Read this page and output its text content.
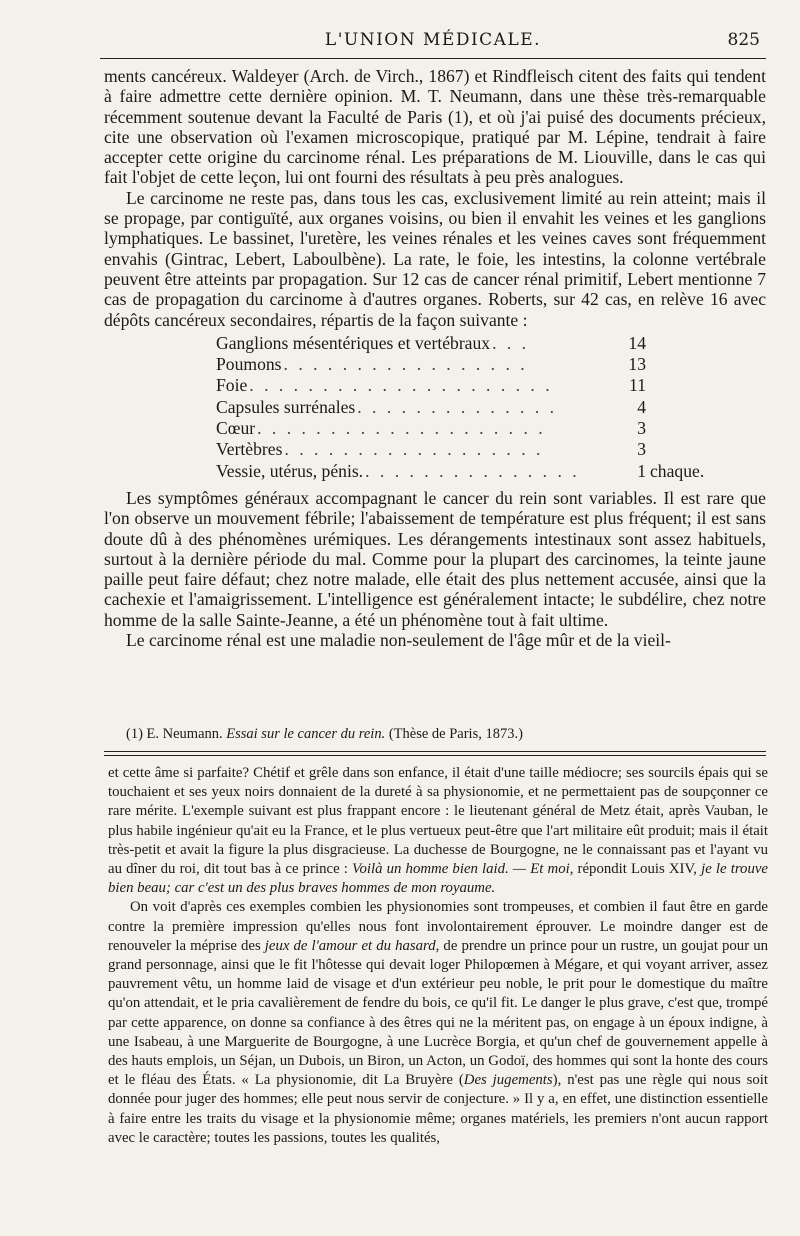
L'UNION MÉDICALE.	825

ments cancéreux. Waldeyer (Arch. de Virch., 1867) et Rindfleisch citent des faits qui tendent à faire admettre cette dernière opinion. M. T. Neumann, dans une thèse très-remarquable récemment soutenue devant la Faculté de Paris (1), et où j'ai puisé des documents précieux, cite une observation où l'examen microscopique, pratiqué par M. Lépine, tendrait à faire accepter cette origine du carcinome rénal. Les préparations de M. Liouville, dans le cas qui fait l'objet de cette leçon, lui ont fourni des résultats à peu près analogues.

Le carcinome ne reste pas, dans tous les cas, exclusivement limité au rein atteint; mais il se propage, par contiguïté, aux organes voisins, ou bien il envahit les veines et les ganglions lymphatiques. Le bassinet, l'uretère, les veines rénales et les veines caves sont fréquemment envahis (Gintrac, Lebert, Laboulbène). La rate, le foie, les intestins, la colonne vertébrale peuvent être atteints par propagation. Sur 12 cas de cancer rénal primitif, Lebert mentionne 7 cas de propagation du carcinome à d'autres organes. Roberts, sur 42 cas, en relève 16 avec dépôts cancéreux secondaires, répartis de la façon suivante :

Ganglions mésentériques et vertébraux . . .	14
Poumons . . . . . . . . . . . . . . . . .	13
Foie . . . . . . . . . . . . . . . . . . . . .	11
Capsules surrénales . . . . . . . . . . . . . .	4
Cœur . . . . . . . . . . . . . . . . . . . .	3
Vertèbres . . . . . . . . . . . . . . . . . .	3
Vessie, utérus, pénis. . . . . . . . . . . . . . . .	1 chaque.

Les symptômes généraux accompagnant le cancer du rein sont variables. Il est rare que l'on observe un mouvement fébrile; l'abaissement de température est plus fréquent; il est sans doute dû à des phénomènes urémiques. Les dérangements intestinaux sont assez habituels, surtout à la dernière période du mal. Comme pour la plupart des carcinomes, la teinte jaune paille peut faire défaut; chez notre malade, elle était des plus nettement accusée, ainsi que la cachexie et l'amaigrissement. L'intelligence est généralement intacte; le subdélire, chez notre homme de la salle Sainte-Jeanne, a été un phénomène tout à fait ultime.

Le carcinome rénal est une maladie non-seulement de l'âge mûr et de la vieil-

(1) E. Neumann. Essai sur le cancer du rein. (Thèse de Paris, 1873.)

et cette âme si parfaite? Chétif et grêle dans son enfance, il était d'une taille médiocre; ses sourcils épais qui se touchaient et ses yeux noirs donnaient de la dureté à sa physionomie, et ne permettaient pas de soupçonner ce rare mérite. L'exemple suivant est plus frappant encore : le lieutenant général de Metz était, après Vauban, le plus habile ingénieur qu'ait eu la France, et le plus vertueux peut-être que l'art militaire eût produit; mais il était très-petit et avait la figure la plus disgracieuse. La duchesse de Bourgogne, ne le connaissant pas et l'ayant vu au dîner du roi, dit tout bas à ce prince : Voilà un homme bien laid. — Et moi, répondit Louis XIV, je le trouve bien beau; car c'est un des plus braves hommes de mon royaume.

On voit d'après ces exemples combien les physionomies sont trompeuses, et combien il faut être en garde contre la première impression qu'elles nous font involontairement éprouver. Le moindre danger est de renouveler la méprise des jeux de l'amour et du hasard, de prendre un prince pour un rustre, un goujat pour un grand personnage, ainsi que le fit l'hôtesse qui devait loger Philopœmen à Mégare, et qui voyant arriver, assez pauvrement vêtu, un homme laid de visage et d'un extérieur peu noble, le prit pour le domestique du maître qu'on attendait, et le pria cavalièrement de fendre du bois, ce qu'il fit. Le danger le plus grave, c'est que, trompé par cette apparence, on donne sa confiance à des êtres qui ne la méritent pas, on engage à un époux indigne, à une Isabeau, à une Marguerite de Bourgogne, à une Lucrèce Borgia, et qu'un chef de gouvernement appelle à des hauts emplois, un Séjan, un Dubois, un Biron, un Acton, un Godoï, des hommes qui sont la honte des cours et le fléau des États. « La physionomie, dit La Bruyère (Des jugements), n'est pas une règle qui nous soit donnée pour juger des hommes; elle peut nous servir de conjecture. » Il y a, en effet, une distinction essentielle à faire entre les traits du visage et la physionomie même; organes matériels, les premiers n'ont aucun rapport avec le caractère; toutes les passions, toutes les qualités,
